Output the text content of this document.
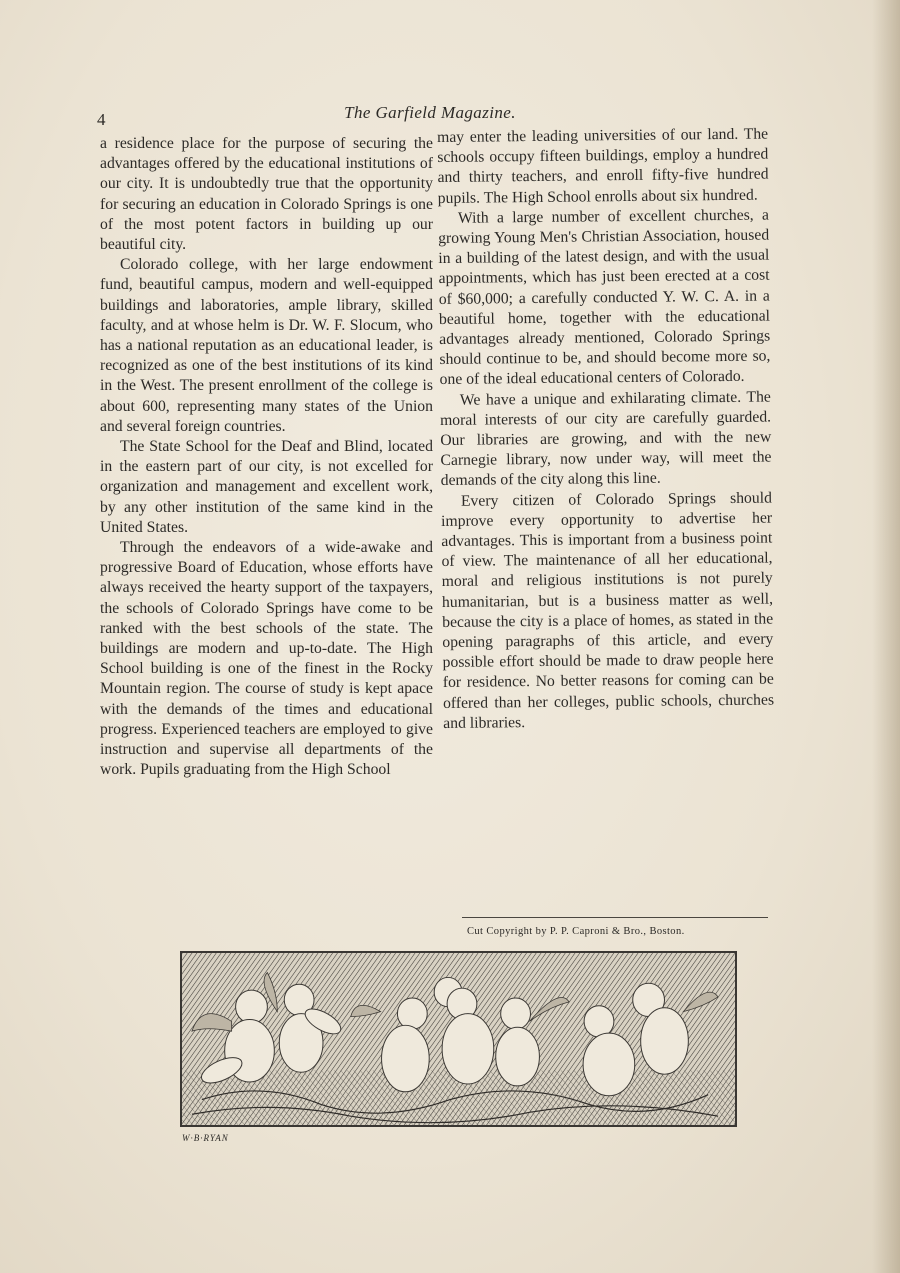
4	The Garfield Magazine.

a residence place for the purpose of securing the advantages offered by the educational institutions of our city. It is undoubtedly true that the opportunity for securing an education in Colorado Springs is one of the most potent factors in building up our beautiful city.

Colorado college, with her large endowment fund, beautiful campus, modern and well-equipped buildings and laboratories, ample library, skilled faculty, and at whose helm is Dr. W. F. Slocum, who has a national reputation as an educational leader, is recognized as one of the best institutions of its kind in the West. The present enrollment of the college is about 600, representing many states of the Union and several foreign countries.

The State School for the Deaf and Blind, located in the eastern part of our city, is not excelled for organization and management and excellent work, by any other institution of the same kind in the United States.

Through the endeavors of a wide-awake and progressive Board of Education, whose efforts have always received the hearty support of the taxpayers, the schools of Colorado Springs have come to be ranked with the best schools of the state. The buildings are modern and up-to-date. The High School building is one of the finest in the Rocky Mountain region. The course of study is kept apace with the demands of the times and educational progress. Experienced teachers are employed to give instruction and supervise all departments of the work. Pupils graduating from the High School

may enter the leading universities of our land. The schools occupy fifteen buildings, employ a hundred and thirty teachers, and enroll fifty-five hundred pupils. The High School enrolls about six hundred.

With a large number of excellent churches, a growing Young Men's Christian Association, housed in a building of the latest design, and with the usual appointments, which has just been erected at a cost of $60,000; a carefully conducted Y. W. C. A. in a beautiful home, together with the educational advantages already mentioned, Colorado Springs should continue to be, and should become more so, one of the ideal educational centers of Colorado.

We have a unique and exhilarating climate. The moral interests of our city are carefully guarded. Our libraries are growing, and with the new Carnegie library, now under way, will meet the demands of the city along this line.

Every citizen of Colorado Springs should improve every opportunity to advertise her advantages. This is important from a business point of view. The maintenance of all her educational, moral and religious institutions is not purely humanitarian, but is a business matter as well, because the city is a place of homes, as stated in the opening paragraphs of this article, and every possible effort should be made to draw people here for residence. No better reasons for coming can be offered than her colleges, public schools, churches and libraries.

Cut Copyright by P. P. Caproni & Bro., Boston.
W·B·RYAN
